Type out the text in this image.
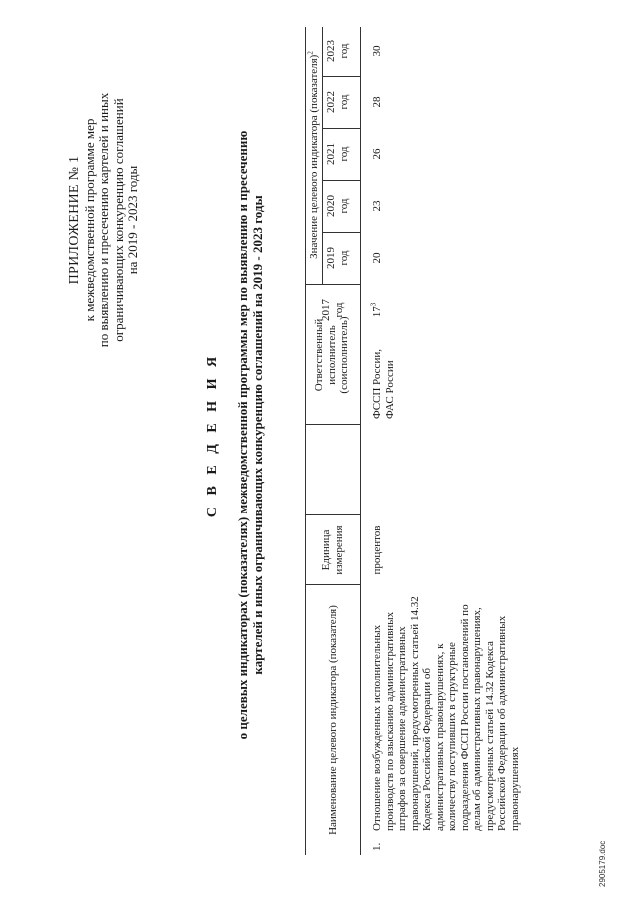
ПРИЛОЖЕНИЕ № 1 к межведомственной программе мер по выявлению и пресечению картелей и иных ограничивающих конкуренцию соглашений на 2019 - 2023 годы
С В Е Д Е Н И Я о целевых индикаторах (показателях) межведомственной программы мер по выявлению и пресечению картелей и иных ограничивающих конкуренцию соглашений на 2019 - 2023 годы
Наименование целевого индикатора (показателя)
Единица измерения
Ответственный исполнитель (соисполнитель)
2017 год
Значение целевого индикатора (показателя)$^2$
2019 год
2020 год
2021 год
2022 год
2023 год
1.
Отношение возбужденных исполнительных производств по взысканию административных штрафов за совершение административных правонарушений, предусмотренных статьей 14.32 Кодекса Российской Федерации об административных правонарушениях, к количеству поступивших в структурные подразделения ФССП России постановлений по делам об административных правонарушениях, предусмотренных статьей 14.32 Кодекса Российской Федерации об административных правонарушениях
процентов
ФССП России, ФАС России
$17^3$
20
23
26
28
30
2905179.doc
